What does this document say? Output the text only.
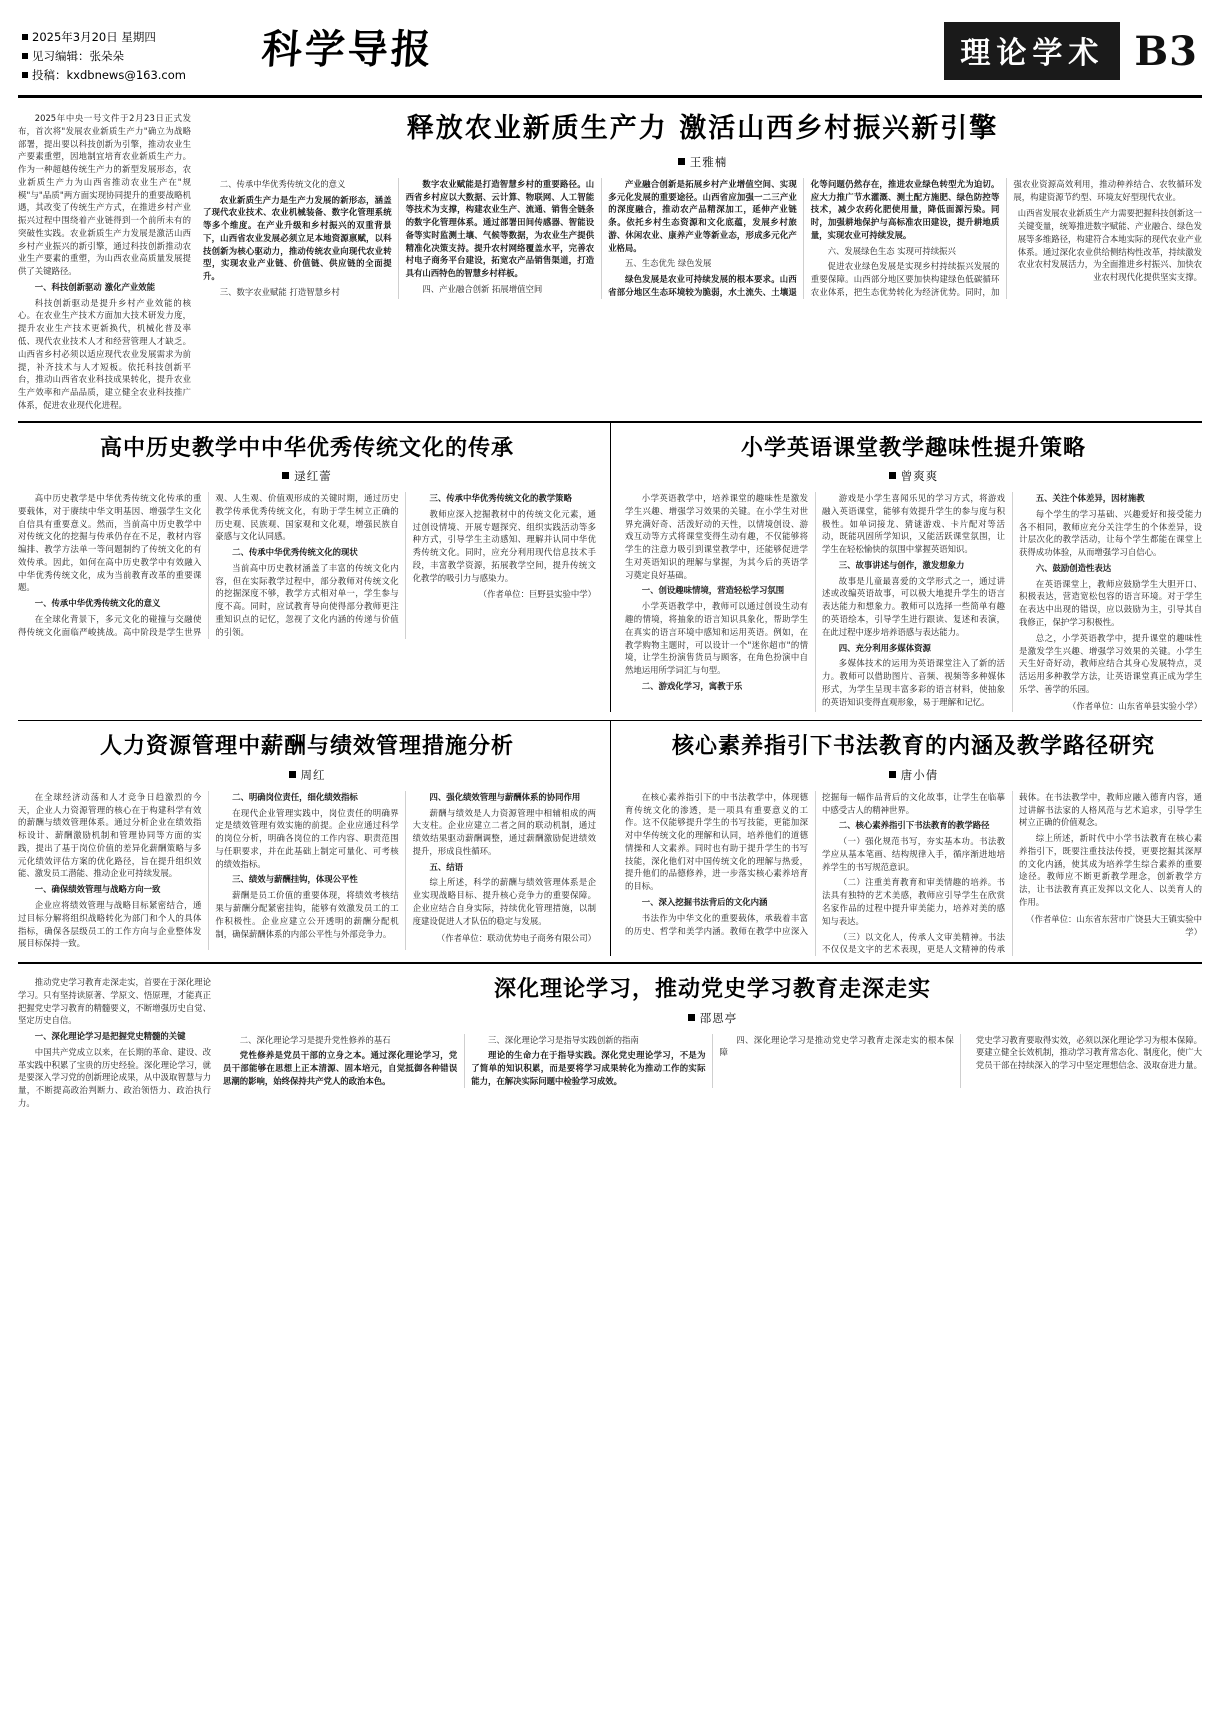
2025年3月20日 星期四
见习编辑：张朵朵
投稿：kxdbnews@163.com
科学导报	理论学术 B3

2025年中央一号文件于2月23日正式发布，首次将"发展农业新质生产力"确立为战略部署，提出要以科技创新为引擎，推动农业生产要素重塑，因地制宜培育农业新质生产力。作为一种超越传统生产力的新型发展形态，农业新质生产力为山西省推动农业生产在"规模"与"品质"两方面实现协同提升的重要战略机遇，其改变了传统生产方式，在推进乡村产业振兴过程中围绕着产业链得到一个前所未有的突破性实践。农业新质生产力发展是激活山西乡村产业振兴的新引擎，通过科技创新推动农业生产要素的重塑，为山西农业高质量发展提供了关键路径。

一、科技创新驱动 激化产业效能

科技创新驱动是提升乡村产业效能的核心。在农业生产技术方面加大技术研发力度，提升农业生产技术更新换代，机械化普及率低、现代农业技术人才和经营管理人才缺乏。山西省乡村必须以适应现代农业发展需求为前提，补齐技术与人才短板。依托科技创新平台，推动山西省农业科技成果转化，提升农业生产效率和产品品质，建立健全农业科技推广体系，促进农业现代化进程。

释放农业新质生产力 激活山西乡村振兴新引擎
王雅楠

二、传承中华优秀传统文化的意义

农业新质生产力是生产力发展的新形态，涵盖了现代农业技术、农业机械装备、数字化管理系统等多个维度。在产业升级和乡村振兴的双重背景下，山西省农业发展必须立足本地资源禀赋，以科技创新为核心驱动力，推动传统农业向现代农业转型，实现农业产业链、价值链、供应链的全面提升。

三、数字农业赋能 打造智慧乡村

数字农业赋能是打造智慧乡村的重要路径。山西省乡村应以大数据、云计算、物联网、人工智能等技术为支撑，构建农业生产、流通、销售全链条的数字化管理体系。通过部署田间传感器、智能设备等实时监测土壤、气候等数据，为农业生产提供精准化决策支持。提升农村网络覆盖水平，完善农村电子商务平台建设，拓宽农产品销售渠道，打造具有山西特色的智慧乡村样板。

四、产业融合创新 拓展增值空间

产业融合创新是拓展乡村产业增值空间、实现多元化发展的重要途径。山西省应加强一二三产业的深度融合，推动农产品精深加工，延伸产业链条。依托乡村生态资源和文化底蕴，发展乡村旅游、休闲农业、康养产业等新业态，形成多元化产业格局。

五、生态优先 绿色发展

绿色发展是农业可持续发展的根本要求。山西省部分地区生态环境较为脆弱，水土流失、土壤退化等问题仍然存在，推进农业绿色转型尤为迫切。应大力推广节水灌溉、测土配方施肥、绿色防控等技术，减少农药化肥使用量，降低面源污染。同时，加强耕地保护与高标准农田建设，提升耕地质量，实现农业可持续发展。

六、发展绿色生态 实现可持续振兴

促进农业绿色发展是实现乡村持续振兴发展的重要保障。山西部分地区要加快构建绿色低碳循环农业体系，把生态优势转化为经济优势。同时，加强农业资源高效利用，推动种养结合、农牧循环发展，构建资源节约型、环境友好型现代农业。

山西省发展农业新质生产力需要把握科技创新这一关键变量，统筹推进数字赋能、产业融合、绿色发展等多维路径，构建符合本地实际的现代农业产业体系。通过深化农业供给侧结构性改革，持续激发农业农村发展活力，为全面推进乡村振兴、加快农业农村现代化提供坚实支撑。

高中历史教学中中华优秀传统文化的传承
逯红蕾

高中历史教学是中华优秀传统文化传承的重要载体，对于赓续中华文明基因、增强学生文化自信具有重要意义。然而，当前高中历史教学中对传统文化的挖掘与传承仍存在不足，教材内容编排、教学方法单一等问题制约了传统文化的有效传承。因此，如何在高中历史教学中有效融入中华优秀传统文化，成为当前教育改革的重要课题。

一、传承中华优秀传统文化的意义

在全球化背景下，多元文化的碰撞与交融使得传统文化面临严峻挑战。高中阶段是学生世界观、人生观、价值观形成的关键时期，通过历史教学传承优秀传统文化，有助于学生树立正确的历史观、民族观、国家观和文化观，增强民族自豪感与文化认同感。

二、传承中华优秀传统文化的现状

当前高中历史教材涵盖了丰富的传统文化内容，但在实际教学过程中，部分教师对传统文化的挖掘深度不够，教学方式相对单一，学生参与度不高。同时，应试教育导向使得部分教师更注重知识点的记忆，忽视了文化内涵的传递与价值的引领。

三、传承中华优秀传统文化的教学策略

教师应深入挖掘教材中的传统文化元素，通过创设情境、开展专题探究、组织实践活动等多种方式，引导学生主动感知、理解并认同中华优秀传统文化。同时，应充分利用现代信息技术手段，丰富教学资源，拓展教学空间，提升传统文化教学的吸引力与感染力。

（作者单位：巨野县实验中学）

小学英语课堂教学趣味性提升策略
曾爽爽

小学英语教学中，培养课堂的趣味性是激发学生兴趣、增强学习效果的关键。在小学生对世界充满好奇、活泼好动的天性，以情境创设、游戏互动等方式将课堂变得生动有趣，不仅能够将学生的注意力吸引到课堂教学中，还能够促进学生对英语知识的理解与掌握，为其今后的英语学习奠定良好基础。

一、创设趣味情境，营造轻松学习氛围

小学英语教学中，教师可以通过创设生动有趣的情境，将抽象的语言知识具象化，帮助学生在真实的语言环境中感知和运用英语。例如，在教学购物主题时，可以设计一个"迷你超市"的情境，让学生扮演售货员与顾客，在角色扮演中自然地运用所学词汇与句型。

二、游戏化学习，寓教于乐

游戏是小学生喜闻乐见的学习方式，将游戏融入英语课堂，能够有效提升学生的参与度与积极性。如单词接龙、猜谜游戏、卡片配对等活动，既能巩固所学知识，又能活跃课堂氛围，让学生在轻松愉快的氛围中掌握英语知识。

三、故事讲述与创作，激发想象力

故事是儿童最喜爱的文学形式之一，通过讲述或改编英语故事，可以极大地提升学生的语言表达能力和想象力。教师可以选择一些简单有趣的英语绘本，引导学生进行跟读、复述和表演，在此过程中逐步培养语感与表达能力。

四、充分利用多媒体资源

多媒体技术的运用为英语课堂注入了新的活力。教师可以借助图片、音频、视频等多种媒体形式，为学生呈现丰富多彩的语言材料，使抽象的英语知识变得直观形象，易于理解和记忆。

五、关注个体差异，因材施教

每个学生的学习基础、兴趣爱好和接受能力各不相同，教师应充分关注学生的个体差异，设计层次化的教学活动，让每个学生都能在课堂上获得成功体验，从而增强学习自信心。

六、鼓励创造性表达

在英语课堂上，教师应鼓励学生大胆开口、积极表达，营造宽松包容的语言环境。对于学生在表达中出现的错误，应以鼓励为主，引导其自我修正，保护学习积极性。

总之，小学英语教学中，提升课堂的趣味性是激发学生兴趣、增强学习效果的关键。小学生天生好奇好动，教师应结合其身心发展特点，灵活运用多种教学方法，让英语课堂真正成为学生乐学、善学的乐园。

（作者单位：山东省单县实验小学）

人力资源管理中薪酬与绩效管理措施分析
周红

在全球经济动荡和人才竞争日趋激烈的今天，企业人力资源管理的核心在于构建科学有效的薪酬与绩效管理体系。通过分析企业在绩效指标设计、薪酬激励机制和管理协同等方面的实践，提出了基于岗位价值的差异化薪酬策略与多元化绩效评估方案的优化路径，旨在提升组织效能、激发员工潜能、推动企业可持续发展。

一、确保绩效管理与战略方向一致

企业应将绩效管理与战略目标紧密结合，通过目标分解将组织战略转化为部门和个人的具体指标，确保各层级员工的工作方向与企业整体发展目标保持一致。

二、明确岗位责任，细化绩效指标

在现代企业管理实践中，岗位责任的明确界定是绩效管理有效实施的前提。企业应通过科学的岗位分析，明确各岗位的工作内容、职责范围与任职要求，并在此基础上制定可量化、可考核的绩效指标。

三、绩效与薪酬挂钩，体现公平性

薪酬是员工价值的重要体现，将绩效考核结果与薪酬分配紧密挂钩，能够有效激发员工的工作积极性。企业应建立公开透明的薪酬分配机制，确保薪酬体系的内部公平性与外部竞争力。

四、强化绩效管理与薪酬体系的协同作用

薪酬与绩效是人力资源管理中相辅相成的两大支柱。企业应建立二者之间的联动机制，通过绩效结果驱动薪酬调整，通过薪酬激励促进绩效提升，形成良性循环。

五、结语

综上所述，科学的薪酬与绩效管理体系是企业实现战略目标、提升核心竞争力的重要保障。企业应结合自身实际，持续优化管理措施，以制度建设促进人才队伍的稳定与发展。

（作者单位：联动优势电子商务有限公司）

核心素养指引下书法教育的内涵及教学路径研究
唐小倩

在核心素养指引下的中书法教学中，体现德育传统文化的渗透，是一项具有重要意义的工作。这不仅能够提升学生的书写技能，更能加深对中华传统文化的理解和认同，培养他们的道德情操和人文素养。同时也有助于提升学生的书写技能，深化他们对中国传统文化的理解与热爱，提升他们的品德修养，进一步落实核心素养培育的目标。

一、深入挖掘书法背后的文化内涵

书法作为中华文化的重要载体，承载着丰富的历史、哲学和美学内涵。教师在教学中应深入挖掘每一幅作品背后的文化故事，让学生在临摹中感受古人的精神世界。

二、核心素养指引下书法教育的教学路径

（一）强化规范书写，夯实基本功。书法教学应从基本笔画、结构规律入手，循序渐进地培养学生的书写规范意识。

（二）注重美育教育和审美情趣的培养。书法具有独特的艺术美感，教师应引导学生在欣赏名家作品的过程中提升审美能力，培养对美的感知与表达。

（三）以文化人，传承人文审美精神。书法不仅仅是文字的艺术表现，更是人文精神的传承载体。在书法教学中，教师应融入德育内容，通过讲解书法家的人格风范与艺术追求，引导学生树立正确的价值观念。

综上所述，新时代中小学书法教育在核心素养指引下，既要注重技法传授，更要挖掘其深厚的文化内涵，使其成为培养学生综合素养的重要途径。教师应不断更新教学理念，创新教学方法，让书法教育真正发挥以文化人、以美育人的作用。

（作者单位：山东省东营市广饶县大王镇实验中学）

推动党史学习教育走深走实，首要在于深化理论学习。只有坚持读原著、学原文、悟原理，才能真正把握党史学习教育的精髓要义，不断增强历史自觉、坚定历史自信。

一、深化理论学习是把握党史精髓的关键

中国共产党成立以来，在长期的革命、建设、改革实践中积累了宝贵的历史经验。深化理论学习，就是要深入学习党的创新理论成果，从中汲取智慧与力量，不断提高政治判断力、政治领悟力、政治执行力。

深化理论学习，推动党史学习教育走深走实
邵恩亭

二、深化理论学习是提升党性修养的基石

党性修养是党员干部的立身之本。通过深化理论学习，党员干部能够在思想上正本清源、固本培元，自觉抵御各种错误思潮的影响，始终保持共产党人的政治本色。

三、深化理论学习是指导实践创新的指南

理论的生命力在于指导实践。深化党史理论学习，不是为了简单的知识积累，而是要将学习成果转化为推动工作的实际能力，在解决实际问题中检验学习成效。

四、深化理论学习是推动党史学习教育走深走实的根本保障

党史学习教育要取得实效，必须以深化理论学习为根本保障。要建立健全长效机制，推动学习教育常态化、制度化，使广大党员干部在持续深入的学习中坚定理想信念、汲取奋进力量。
